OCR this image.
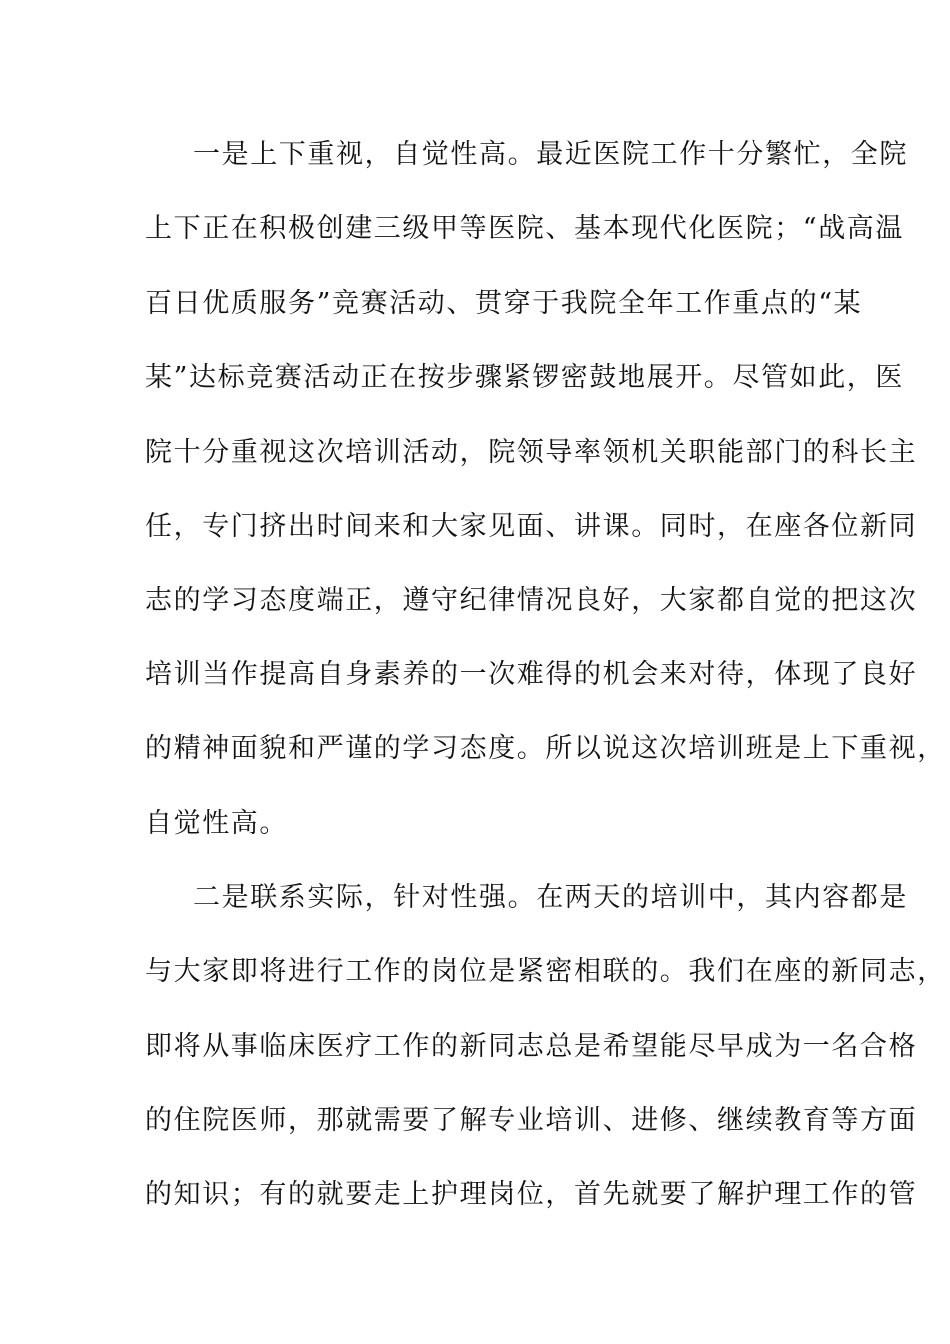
一是上下重视，自觉性高。最近医院工作十分繁忙，全院
上下正在积极创建三级甲等医院、基本现代化医院；“战高温
百日优质服务”竞赛活动、贯穿于我院全年工作重点的“某
某”达标竞赛活动正在按步骤紧锣密鼓地展开。尽管如此，医
院十分重视这次培训活动，院领导率领机关职能部门的科长主
任，专门挤出时间来和大家见面、讲课。同时，在座各位新同
志的学习态度端正，遵守纪律情况良好，大家都自觉的把这次
培训当作提高自身素养的一次难得的机会来对待，体现了良好
的精神面貌和严谨的学习态度。所以说这次培训班是上下重视，
自觉性高。
二是联系实际，针对性强。在两天的培训中，其内容都是
与大家即将进行工作的岗位是紧密相联的。我们在座的新同志，
即将从事临床医疗工作的新同志总是希望能尽早成为一名合格
的住院医师，那就需要了解专业培训、进修、继续教育等方面
的知识；有的就要走上护理岗位，首先就要了解护理工作的管
